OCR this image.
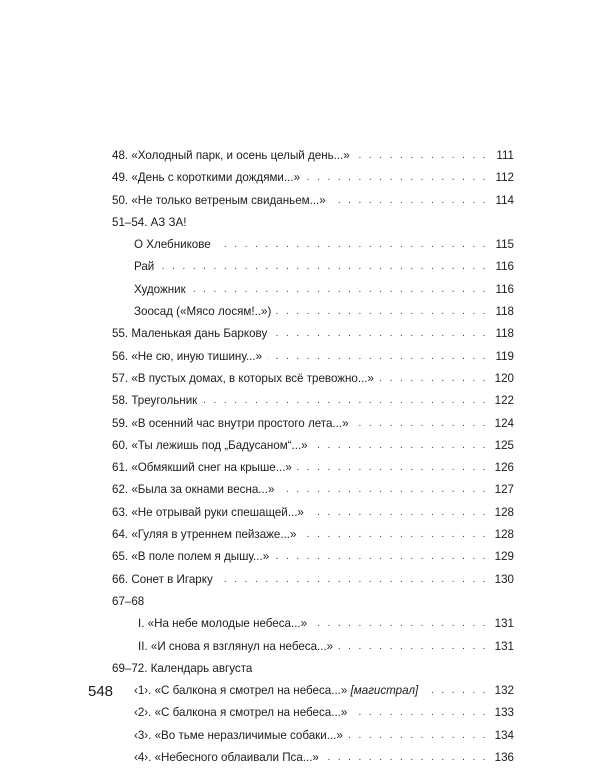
48. «Холодный парк, и осень целый день...» . . .	111
49. «День с короткими дождями...» . . .	112
50. «Не только ветреным свиданьем...» . . .	114
51–54. АЗ ЗА!
О Хлебникове . . .	115
Рай . . .	116
Художник . . .	116
Зоосад («Мясо лосям!..») . . .	118
55. Маленькая дань Баркову . . .	118
56. «Не сю, иную тишину...» . . .	119
57. «В пустых домах, в которых всё тревожно...» . . .	120
58. Треугольник . . .	122
59. «В осенний час внутри простого лета...» . . .	124
60. «Ты лежишь под „Бадусаном“...» . . .	125
61. «Обмякший снег на крыше...» . . .	126
62. «Была за окнами весна...» . . .	127
63. «Не отрывай руки спешащей...» . . .	128
64. «Гуляя в утреннем пейзаже...» . . .	128
65. «В поле полем я дышу...» . . .	129
66. Сонет в Игарку . . .	130
67–68
I. «На небе молодые небеса...» . . .	131
II. «И снова я взглянул на небеса...» . . .	131
69–72. Календарь августа
‹1›. «С балкона я смотрел на небеса...» [магистрал] . . .	132
‹2›. «С балкона я смотрел на небеса...» . . .	133
‹3›. «Во тьме неразличимые собаки...» . . .	134
‹4›. «Небесного облаивали Пса...» . . .	136
548
